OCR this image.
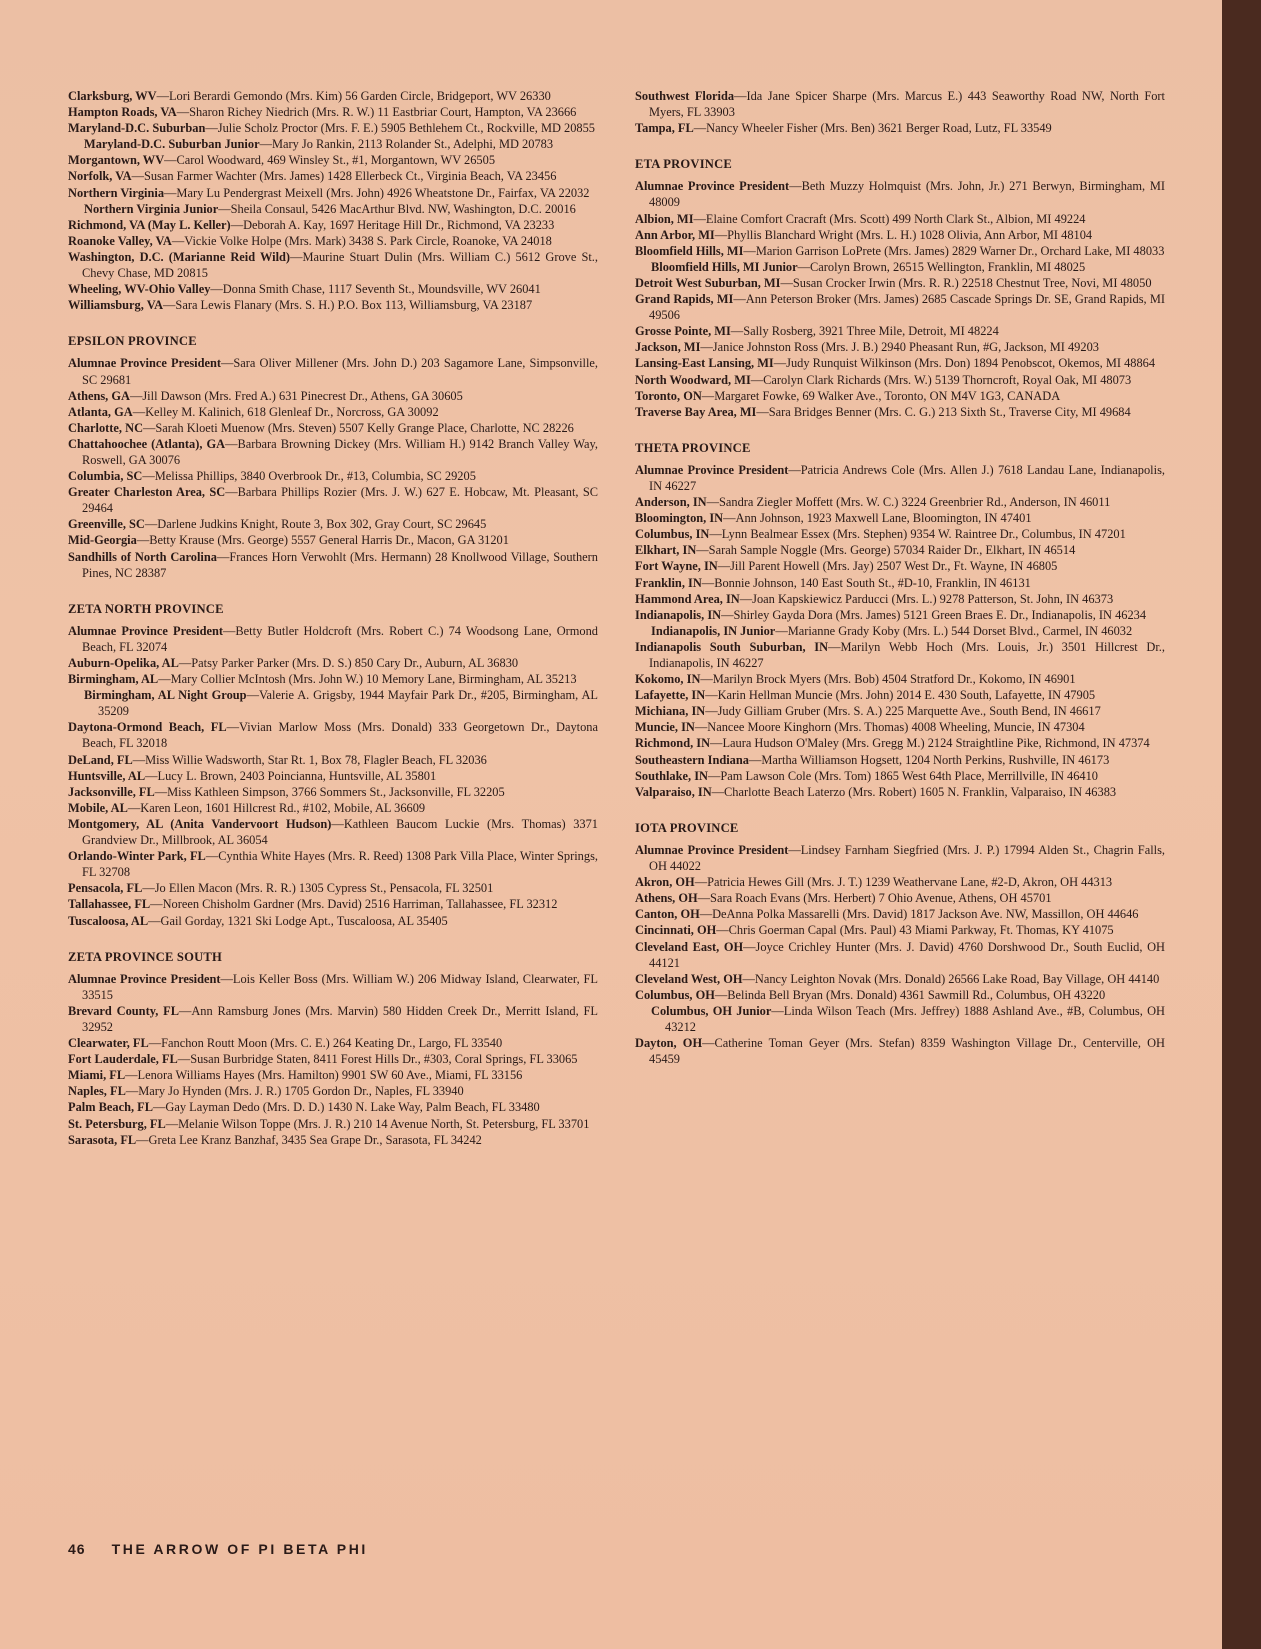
Clarksburg, WV—Lori Berardi Gemondo (Mrs. Kim) 56 Garden Circle, Bridgeport, WV 26330

Hampton Roads, VA—Sharon Richey Niedrich (Mrs. R. W.) 11 Eastbriar Court, Hampton, VA 23666

Maryland-D.C. Suburban—Julie Scholz Proctor (Mrs. F. E.) 5905 Bethlehem Ct., Rockville, MD 20855

Maryland-D.C. Suburban Junior—Mary Jo Rankin, 2113 Rolander St., Adelphi, MD 20783

Morgantown, WV—Carol Woodward, 469 Winsley St., #1, Morgantown, WV 26505

Norfolk, VA—Susan Farmer Wachter (Mrs. James) 1428 Ellerbeck Ct., Virginia Beach, VA 23456

Northern Virginia—Mary Lu Pendergrast Meixell (Mrs. John) 4926 Wheatstone Dr., Fairfax, VA 22032

Northern Virginia Junior—Sheila Consaul, 5426 MacArthur Blvd. NW, Washington, D.C. 20016

Richmond, VA (May L. Keller)—Deborah A. Kay, 1697 Heritage Hill Dr., Richmond, VA 23233

Roanoke Valley, VA—Vickie Volke Holpe (Mrs. Mark) 3438 S. Park Circle, Roanoke, VA 24018

Washington, D.C. (Marianne Reid Wild)—Maurine Stuart Dulin (Mrs. William C.) 5612 Grove St., Chevy Chase, MD 20815

Wheeling, WV-Ohio Valley—Donna Smith Chase, 1117 Seventh St., Moundsville, WV 26041

Williamsburg, VA—Sara Lewis Flanary (Mrs. S. H.) P.O. Box 113, Williamsburg, VA 23187

EPSILON PROVINCE

Alumnae Province President—Sara Oliver Millener (Mrs. John D.) 203 Sagamore Lane, Simpsonville, SC 29681

Athens, GA—Jill Dawson (Mrs. Fred A.) 631 Pinecrest Dr., Athens, GA 30605

Atlanta, GA—Kelley M. Kalinich, 618 Glenleaf Dr., Norcross, GA 30092

Charlotte, NC—Sarah Kloeti Muenow (Mrs. Steven) 5507 Kelly Grange Place, Charlotte, NC 28226

Chattahoochee (Atlanta), GA—Barbara Browning Dickey (Mrs. William H.) 9142 Branch Valley Way, Roswell, GA 30076

Columbia, SC—Melissa Phillips, 3840 Overbrook Dr., #13, Columbia, SC 29205

Greater Charleston Area, SC—Barbara Phillips Rozier (Mrs. J. W.) 627 E. Hobcaw, Mt. Pleasant, SC 29464

Greenville, SC—Darlene Judkins Knight, Route 3, Box 302, Gray Court, SC 29645

Mid-Georgia—Betty Krause (Mrs. George) 5557 General Harris Dr., Macon, GA 31201

Sandhills of North Carolina—Frances Horn Verwohlt (Mrs. Hermann) 28 Knollwood Village, Southern Pines, NC 28387

ZETA NORTH PROVINCE

Alumnae Province President—Betty Butler Holdcroft (Mrs. Robert C.) 74 Woodsong Lane, Ormond Beach, FL 32074

Auburn-Opelika, AL—Patsy Parker Parker (Mrs. D. S.) 850 Cary Dr., Auburn, AL 36830

Birmingham, AL—Mary Collier McIntosh (Mrs. John W.) 10 Memory Lane, Birmingham, AL 35213

Birmingham, AL Night Group—Valerie A. Grigsby, 1944 Mayfair Park Dr., #205, Birmingham, AL 35209

Daytona-Ormond Beach, FL—Vivian Marlow Moss (Mrs. Donald) 333 Georgetown Dr., Daytona Beach, FL 32018

DeLand, FL—Miss Willie Wadsworth, Star Rt. 1, Box 78, Flagler Beach, FL 32036

Huntsville, AL—Lucy L. Brown, 2403 Poincianna, Huntsville, AL 35801

Jacksonville, FL—Miss Kathleen Simpson, 3766 Sommers St., Jacksonville, FL 32205

Mobile, AL—Karen Leon, 1601 Hillcrest Rd., #102, Mobile, AL 36609

Montgomery, AL (Anita Vandervoort Hudson)—Kathleen Baucom Luckie (Mrs. Thomas) 3371 Grandview Dr., Millbrook, AL 36054

Orlando-Winter Park, FL—Cynthia White Hayes (Mrs. R. Reed) 1308 Park Villa Place, Winter Springs, FL 32708

Pensacola, FL—Jo Ellen Macon (Mrs. R. R.) 1305 Cypress St., Pensacola, FL 32501

Tallahassee, FL—Noreen Chisholm Gardner (Mrs. David) 2516 Harriman, Tallahassee, FL 32312

Tuscaloosa, AL—Gail Gorday, 1321 Ski Lodge Apt., Tuscaloosa, AL 35405

ZETA PROVINCE SOUTH

Alumnae Province President—Lois Keller Boss (Mrs. William W.) 206 Midway Island, Clearwater, FL 33515

Brevard County, FL—Ann Ramsburg Jones (Mrs. Marvin) 580 Hidden Creek Dr., Merritt Island, FL 32952

Clearwater, FL—Fanchon Routt Moon (Mrs. C. E.) 264 Keating Dr., Largo, FL 33540

Fort Lauderdale, FL—Susan Burbridge Staten, 8411 Forest Hills Dr., #303, Coral Springs, FL 33065

Miami, FL—Lenora Williams Hayes (Mrs. Hamilton) 9901 SW 60 Ave., Miami, FL 33156

Naples, FL—Mary Jo Hynden (Mrs. J. R.) 1705 Gordon Dr., Naples, FL 33940

Palm Beach, FL—Gay Layman Dedo (Mrs. D. D.) 1430 N. Lake Way, Palm Beach, FL 33480

St. Petersburg, FL—Melanie Wilson Toppe (Mrs. J. R.) 210 14 Avenue North, St. Petersburg, FL 33701

Sarasota, FL—Greta Lee Kranz Banzhaf, 3435 Sea Grape Dr., Sarasota, FL 34242

Southwest Florida—Ida Jane Spicer Sharpe (Mrs. Marcus E.) 443 Seaworthy Road NW, North Fort Myers, FL 33903

Tampa, FL—Nancy Wheeler Fisher (Mrs. Ben) 3621 Berger Road, Lutz, FL 33549

ETA PROVINCE

Alumnae Province President—Beth Muzzy Holmquist (Mrs. John, Jr.) 271 Berwyn, Birmingham, MI 48009

Albion, MI—Elaine Comfort Cracraft (Mrs. Scott) 499 North Clark St., Albion, MI 49224

Ann Arbor, MI—Phyllis Blanchard Wright (Mrs. L. H.) 1028 Olivia, Ann Arbor, MI 48104

Bloomfield Hills, MI—Marion Garrison LoPrete (Mrs. James) 2829 Warner Dr., Orchard Lake, MI 48033

Bloomfield Hills, MI Junior—Carolyn Brown, 26515 Wellington, Franklin, MI 48025

Detroit West Suburban, MI—Susan Crocker Irwin (Mrs. R. R.) 22518 Chestnut Tree, Novi, MI 48050

Grand Rapids, MI—Ann Peterson Broker (Mrs. James) 2685 Cascade Springs Dr. SE, Grand Rapids, MI 49506

Grosse Pointe, MI—Sally Rosberg, 3921 Three Mile, Detroit, MI 48224

Jackson, MI—Janice Johnston Ross (Mrs. J. B.) 2940 Pheasant Run, #G, Jackson, MI 49203

Lansing-East Lansing, MI—Judy Runquist Wilkinson (Mrs. Don) 1894 Penobscot, Okemos, MI 48864

North Woodward, MI—Carolyn Clark Richards (Mrs. W.) 5139 Thorncroft, Royal Oak, MI 48073

Toronto, ON—Margaret Fowke, 69 Walker Ave., Toronto, ON M4V 1G3, CANADA

Traverse Bay Area, MI—Sara Bridges Benner (Mrs. C. G.) 213 Sixth St., Traverse City, MI 49684

THETA PROVINCE

Alumnae Province President—Patricia Andrews Cole (Mrs. Allen J.) 7618 Landau Lane, Indianapolis, IN 46227

Anderson, IN—Sandra Ziegler Moffett (Mrs. W. C.) 3224 Greenbrier Rd., Anderson, IN 46011

Bloomington, IN—Ann Johnson, 1923 Maxwell Lane, Bloomington, IN 47401

Columbus, IN—Lynn Bealmear Essex (Mrs. Stephen) 9354 W. Raintree Dr., Columbus, IN 47201

Elkhart, IN—Sarah Sample Noggle (Mrs. George) 57034 Raider Dr., Elkhart, IN 46514

Fort Wayne, IN—Jill Parent Howell (Mrs. Jay) 2507 West Dr., Ft. Wayne, IN 46805

Franklin, IN—Bonnie Johnson, 140 East South St., #D-10, Franklin, IN 46131

Hammond Area, IN—Joan Kapskiewicz Parducci (Mrs. L.) 9278 Patterson, St. John, IN 46373

Indianapolis, IN—Shirley Gayda Dora (Mrs. James) 5121 Green Braes E. Dr., Indianapolis, IN 46234

Indianapolis, IN Junior—Marianne Grady Koby (Mrs. L.) 544 Dorset Blvd., Carmel, IN 46032

Indianapolis South Suburban, IN—Marilyn Webb Hoch (Mrs. Louis, Jr.) 3501 Hillcrest Dr., Indianapolis, IN 46227

Kokomo, IN—Marilyn Brock Myers (Mrs. Bob) 4504 Stratford Dr., Kokomo, IN 46901

Lafayette, IN—Karin Hellman Muncie (Mrs. John) 2014 E. 430 South, Lafayette, IN 47905

Michiana, IN—Judy Gilliam Gruber (Mrs. S. A.) 225 Marquette Ave., South Bend, IN 46617

Muncie, IN—Nancee Moore Kinghorn (Mrs. Thomas) 4008 Wheeling, Muncie, IN 47304

Richmond, IN—Laura Hudson O'Maley (Mrs. Gregg M.) 2124 Straightline Pike, Richmond, IN 47374

Southeastern Indiana—Martha Williamson Hogsett, 1204 North Perkins, Rushville, IN 46173

Southlake, IN—Pam Lawson Cole (Mrs. Tom) 1865 West 64th Place, Merrillville, IN 46410

Valparaiso, IN—Charlotte Beach Laterzo (Mrs. Robert) 1605 N. Franklin, Valparaiso, IN 46383

IOTA PROVINCE

Alumnae Province President—Lindsey Farnham Siegfried (Mrs. J. P.) 17994 Alden St., Chagrin Falls, OH 44022

Akron, OH—Patricia Hewes Gill (Mrs. J. T.) 1239 Weathervane Lane, #2-D, Akron, OH 44313

Athens, OH—Sara Roach Evans (Mrs. Herbert) 7 Ohio Avenue, Athens, OH 45701

Canton, OH—DeAnna Polka Massarelli (Mrs. David) 1817 Jackson Ave. NW, Massillon, OH 44646

Cincinnati, OH—Chris Goerman Capal (Mrs. Paul) 43 Miami Parkway, Ft. Thomas, KY 41075

Cleveland East, OH—Joyce Crichley Hunter (Mrs. J. David) 4760 Dorshwood Dr., South Euclid, OH 44121

Cleveland West, OH—Nancy Leighton Novak (Mrs. Donald) 26566 Lake Road, Bay Village, OH 44140

Columbus, OH—Belinda Bell Bryan (Mrs. Donald) 4361 Sawmill Rd., Columbus, OH 43220

Columbus, OH Junior—Linda Wilson Teach (Mrs. Jeffrey) 1888 Ashland Ave., #B, Columbus, OH 43212

Dayton, OH—Catherine Toman Geyer (Mrs. Stefan) 8359 Washington Village Dr., Centerville, OH 45459

46 THE ARROW OF PI BETA PHI
